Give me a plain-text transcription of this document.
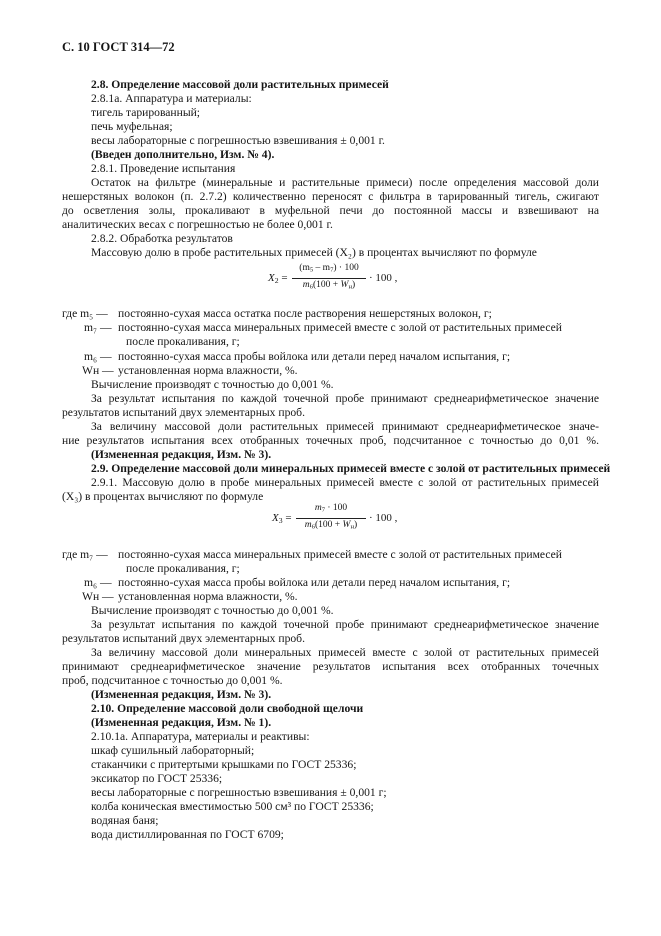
С. 10 ГОСТ 314—72
2.8. Определение массовой доли растительных примесей
2.8.1а. Аппаратура и материалы:
тигель тарированный;
печь муфельная;
весы лабораторные с погрешностью взвешивания ± 0,001 г.
(Введен дополнительно, Изм. № 4).
2.8.1. Проведение испытания
Остаток на фильтре (минеральные и растительные примеси) после определения массовой доли
нешерстяных волокон (п. 2.7.2) количественно переносят с фильтра в тарированный тигель, сжигают
до осветления золы, прокаливают в муфельной печи до постоянной массы и взвешивают на
аналитических весах с погрешностью не более 0,001 г.
2.8.2. Обработка результатов
Массовую долю в пробе растительных примесей (X₂) в процентах вычисляют по формуле
$X_2$ =
$(m_5 - m_7) \cdot 100$
$m_6(100 + W_н)$
· 100 ,
где m₅ — постоянно-сухая масса остатка после растворения нешерстяных волокон, г;
m₇ — постоянно-сухая масса минеральных примесей вместе с золой от растительных примесей
после прокаливания, г;
m₆ — постоянно-сухая масса пробы войлока или детали перед началом испытания, г;
Wн — установленная норма влажности, %.
Вычисление производят с точностью до 0,001 %.
За результат испытания по каждой точечной пробе принимают среднеарифметическое значение
результатов испытаний двух элементарных проб.
За величину массовой доли растительных примесей принимают среднеарифметическое значе-
ние результатов испытания всех отобранных точечных проб, подсчитанное с точностью до 0,01 %.
(Измененная редакция, Изм. № 3).
2.9. Определение массовой доли минеральных примесей вместе с золой от растительных примесей
2.9.1. Массовую долю в пробе минеральных примесей вместе с золой от растительных примесей
(X₃) в процентах вычисляют по формуле
$X_3$ =
$m_7 \cdot 100$
$m_6(100 + W_н)$
· 100 ,
где m₇ — постоянно-сухая масса минеральных примесей вместе с золой от растительных примесей
после прокаливания, г;
m₆ — постоянно-сухая масса пробы войлока или детали перед началом испытания, г;
Wн — установленная норма влажности, %.
Вычисление производят с точностью до 0,001 %.
За результат испытания по каждой точечной пробе принимают среднеарифметическое значение
результатов испытаний двух элементарных проб.
За величину массовой доли минеральных примесей вместе с золой от растительных примесей
принимают среднеарифметическое значение результатов испытания всех отобранных точечных
проб, подсчитанное с точностью до 0,001 %.
(Измененная редакция, Изм. № 3).
2.10. Определение массовой доли свободной щелочи
(Измененная редакция, Изм. № 1).
2.10.1а. Аппаратура, материалы и реактивы:
шкаф сушильный лабораторный;
стаканчики с притертыми крышками по ГОСТ 25336;
эксикатор по ГОСТ 25336;
весы лабораторные с погрешностью взвешивания ± 0,001 г;
колба коническая вместимостью 500 см³ по ГОСТ 25336;
водяная баня;
вода дистиллированная по ГОСТ 6709;
